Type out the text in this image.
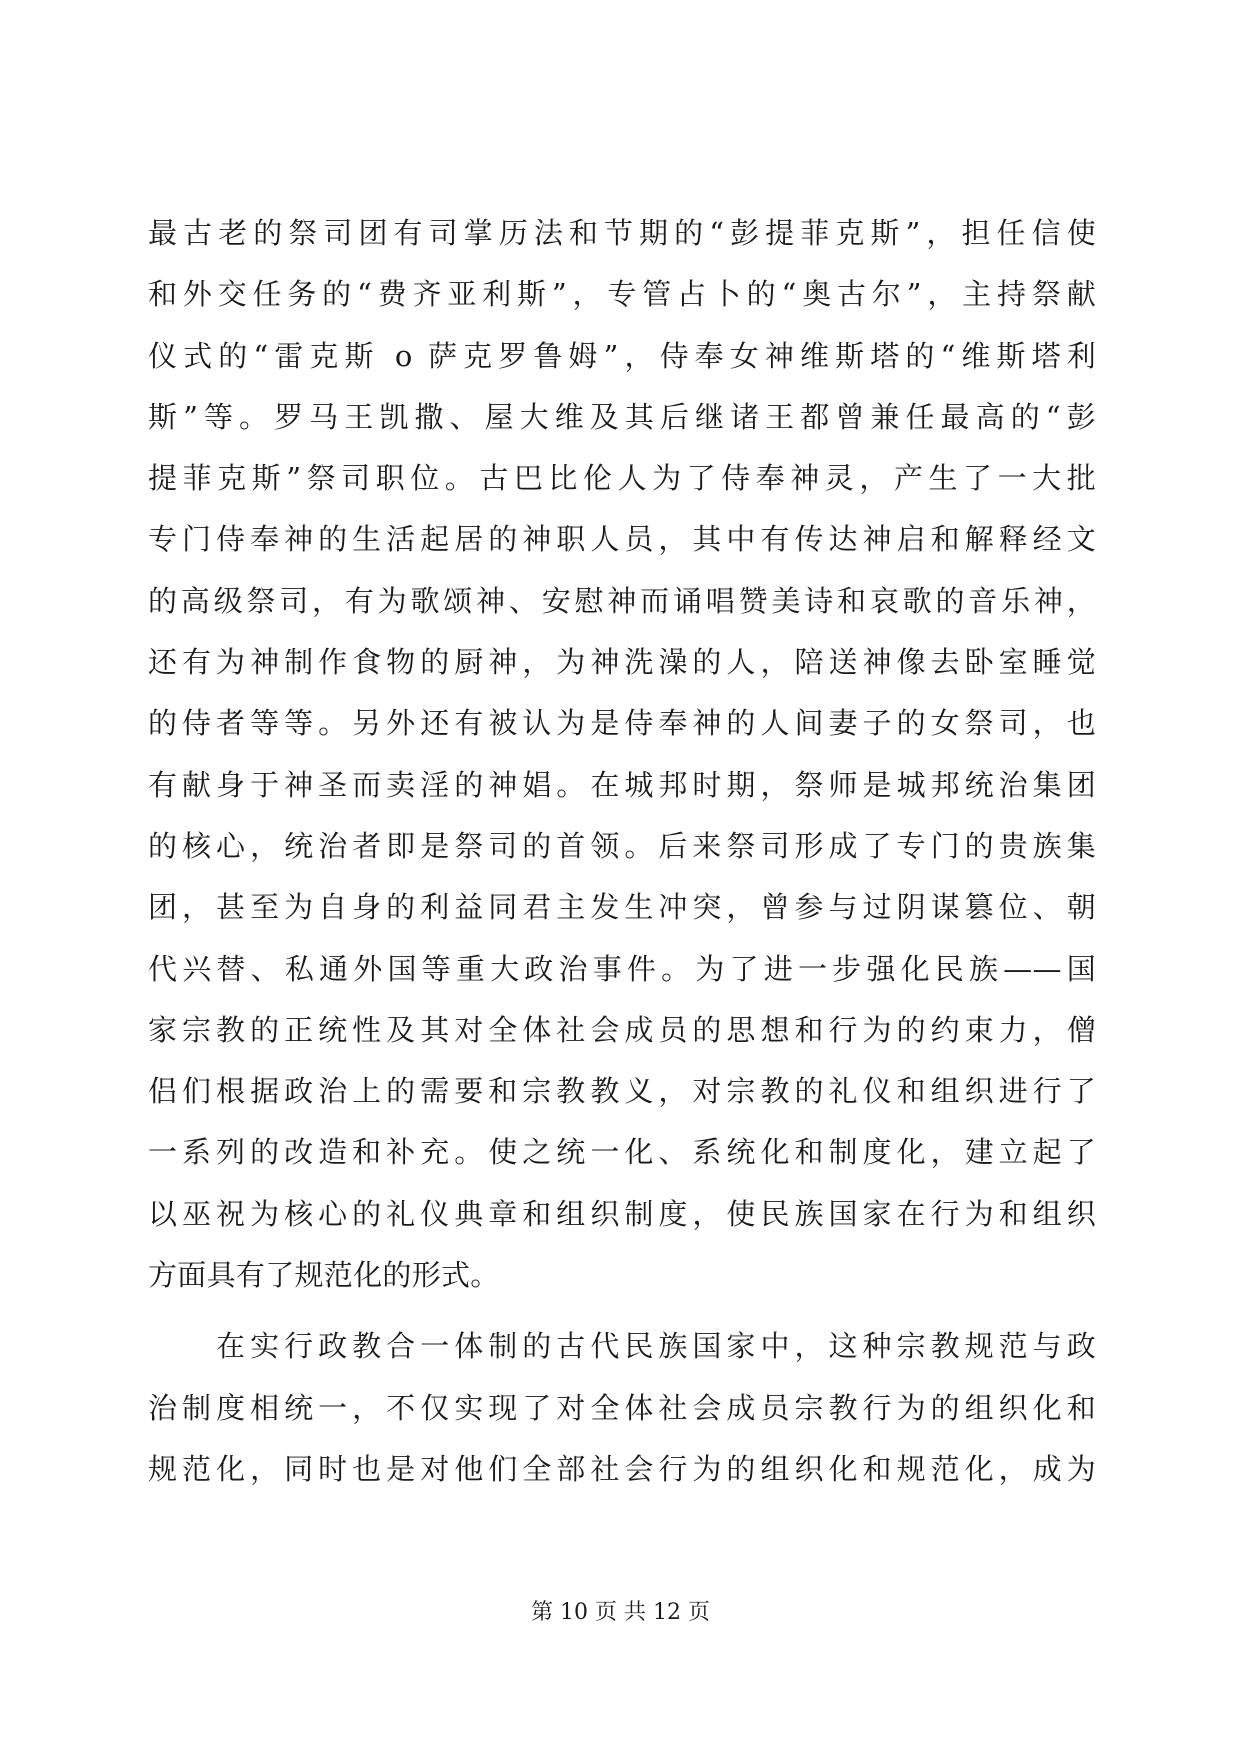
最古老的祭司团有司掌历法和节期的“彭提菲克斯”，担任信使
和外交任务的“费齐亚利斯”，专管占卜的“奥古尔”，主持祭献
仪式的“雷克斯 o 萨克罗鲁姆”，侍奉女神维斯塔的“维斯塔利
斯”等。罗马王凯撒、屋大维及其后继诸王都曾兼任最高的“彭
提菲克斯”祭司职位。古巴比伦人为了侍奉神灵，产生了一大批
专门侍奉神的生活起居的神职人员，其中有传达神启和解释经文
的高级祭司，有为歌颂神、安慰神而诵唱赞美诗和哀歌的音乐神，
还有为神制作食物的厨神，为神洗澡的人，陪送神像去卧室睡觉
的侍者等等。另外还有被认为是侍奉神的人间妻子的女祭司，也
有献身于神圣而卖淫的神娼。在城邦时期，祭师是城邦统治集团
的核心，统治者即是祭司的首领。后来祭司形成了专门的贵族集
团，甚至为自身的利益同君主发生冲突，曾参与过阴谋篡位、朝
代兴替、私通外国等重大政治事件。为了进一步强化民族——国
家宗教的正统性及其对全体社会成员的思想和行为的约束力，僧
侣们根据政治上的需要和宗教教义，对宗教的礼仪和组织进行了
一系列的改造和补充。使之统一化、系统化和制度化，建立起了
以巫祝为核心的礼仪典章和组织制度，使民族国家在行为和组织
方面具有了规范化的形式。
　　在实行政教合一体制的古代民族国家中，这种宗教规范与政
治制度相统一，不仅实现了对全体社会成员宗教行为的组织化和
规范化，同时也是对他们全部社会行为的组织化和规范化，成为
第 10 页 共 12 页
